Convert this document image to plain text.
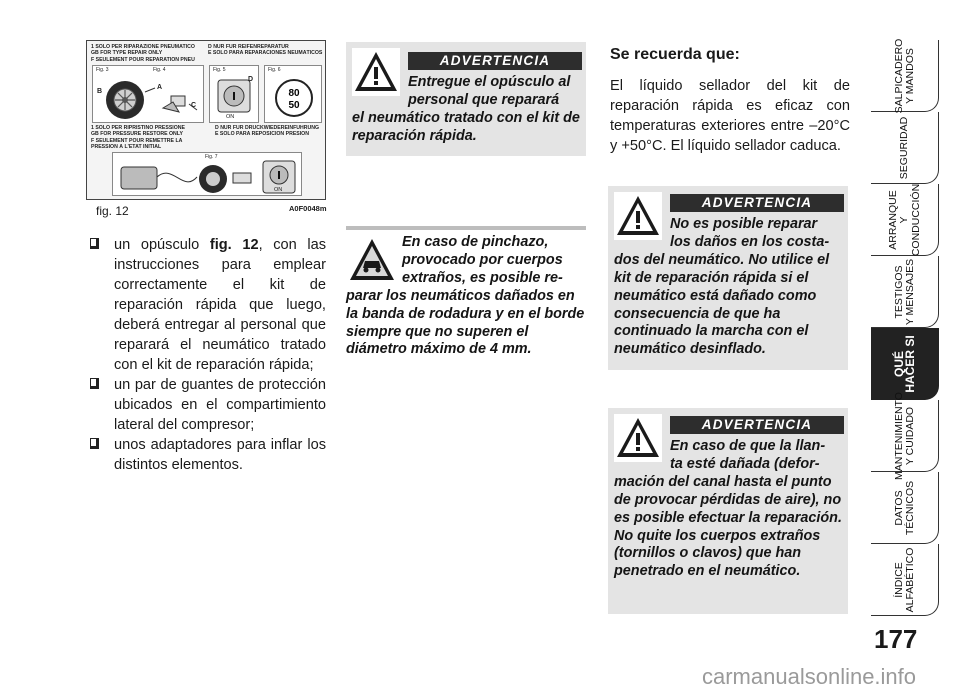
1 SOLO PER RIPARAZIONE PNEUMATICO
GB FOR TYPE REPAIR ONLY
F SEULEMENT POUR RÉPARATION PNEU
D NUR FÜR REIFENREPARATUR
E SÓLO PARA REPARACIONES NEUMÁTICOS
Fig. 3	Fig. 4
B
A
C
Fig. 5
D
ON
Fig. 6
80
50
1 SOLO PER RIPRISTINO PRESSIONE
GB FOR PRESSURE RESTORE ONLY
F SEULEMENT POUR REMETTRE LA
PRESSION À L'ÉTAT INITIAL
D NUR FÜR DRUCKWIEDEREINFÜHRUNG
E SÓLO PARA REPOSICIÓN PRESIÓN
Fig. 7
ON
fig. 12	A0F0048m
un opúsculo fig. 12, con las instrucciones para emplear correctamente el kit de reparación rápida que luego, deberá entregar al personal que reparará el neumático tratado con el kit de reparación rápida;
un par de guantes de protección ubicados en el compartimiento lateral del compresor;
unos adaptadores para inflar los distintos elementos.
ADVERTENCIA
Entregue el opúsculo al
personal que reparará
el neumático tratado con el kit de reparación rápida.
En caso de pinchazo,
provocado por cuerpos
extraños, es posible re-
parar los neumáticos dañados en la banda de rodadura y en el borde siempre que no superen el diámetro máximo de 4 mm.
Se recuerda que:
El líquido sellador del kit de reparación rápida es eficaz con temperaturas exteriores entre –20°C y +50°C. El líquido sellador caduca.
ADVERTENCIA
No es posible reparar
los daños en los costa-
dos del neumático. No utilice el kit de reparación rápida si el neumático está dañado como consecuencia de que ha continuado la marcha con el neumático desinflado.
ADVERTENCIA
En caso de que la llan-
ta esté dañada (defor-
mación del canal hasta el punto de provocar pérdidas de aire), no es posible efectuar la reparación. No quite los cuerpos extraños (tornillos o clavos) que han penetrado en el neumático.
SALPICADERO Y MANDOS
SEGURIDAD
ARRANQUE Y CONDUCCIÓN
TESTIGOS Y MENSAJES
QUÉ
HACER SI
MANTENIMIENTO Y CUIDADO
DATOS TÉCNICOS
ÍNDICE ALFABÉTICO
177
carmanualsonline.info
